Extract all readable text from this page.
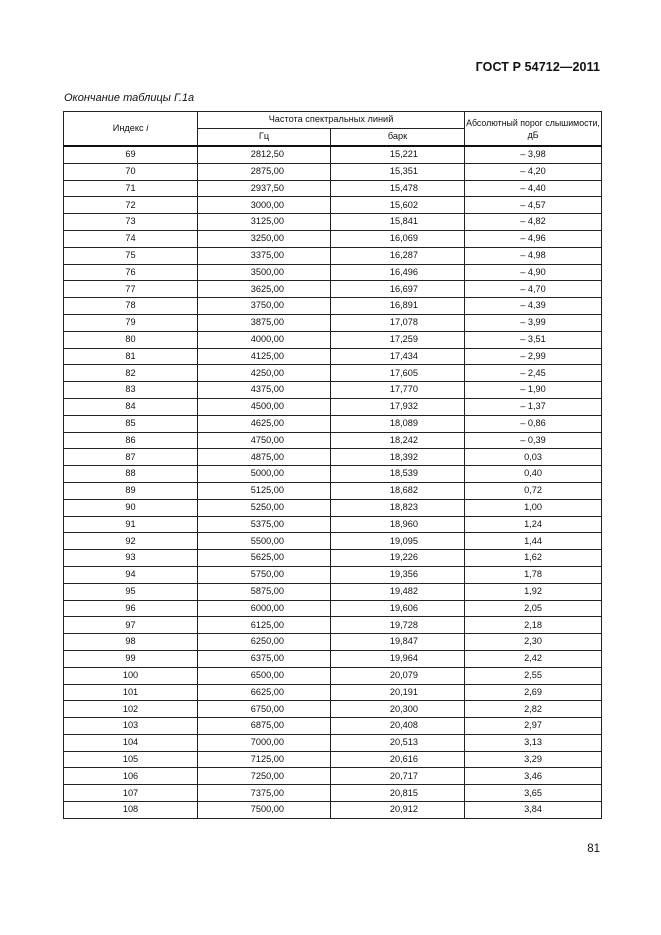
ГОСТ Р 54712—2011
Окончание таблицы Г.1а
Индекс i	Частота спектральных линий		Абсолютный порог слышимости, дБ
	Гц	барк	
69	2812,50	15,221	– 3,98
70	2875,00	15,351	– 4,20
71	2937,50	15,478	– 4,40
72	3000,00	15,602	– 4,57
73	3125,00	15,841	– 4,82
74	3250,00	16,069	– 4,96
75	3375,00	16,287	– 4,98
76	3500,00	16,496	– 4,90
77	3625,00	16,697	– 4,70
78	3750,00	16,891	– 4,39
79	3875,00	17,078	– 3,99
80	4000,00	17,259	– 3,51
81	4125,00	17,434	– 2,99
82	4250,00	17,605	– 2,45
83	4375,00	17,770	– 1,90
84	4500,00	17,932	– 1,37
85	4625,00	18,089	– 0,86
86	4750,00	18,242	– 0,39
87	4875,00	18,392	0,03
88	5000,00	18,539	0,40
89	5125,00	18,682	0,72
90	5250,00	18,823	1,00
91	5375,00	18,960	1,24
92	5500,00	19,095	1,44
93	5625,00	19,226	1,62
94	5750,00	19,356	1,78
95	5875,00	19,482	1,92
96	6000,00	19,606	2,05
97	6125,00	19,728	2,18
98	6250,00	19,847	2,30
99	6375,00	19,964	2,42
100	6500,00	20,079	2,55
101	6625,00	20,191	2,69
102	6750,00	20,300	2,82
103	6875,00	20,408	2,97
104	7000,00	20,513	3,13
105	7125,00	20,616	3,29
106	7250,00	20,717	3,46
107	7375,00	20,815	3,65
108	7500,00	20,912	3,84
81
